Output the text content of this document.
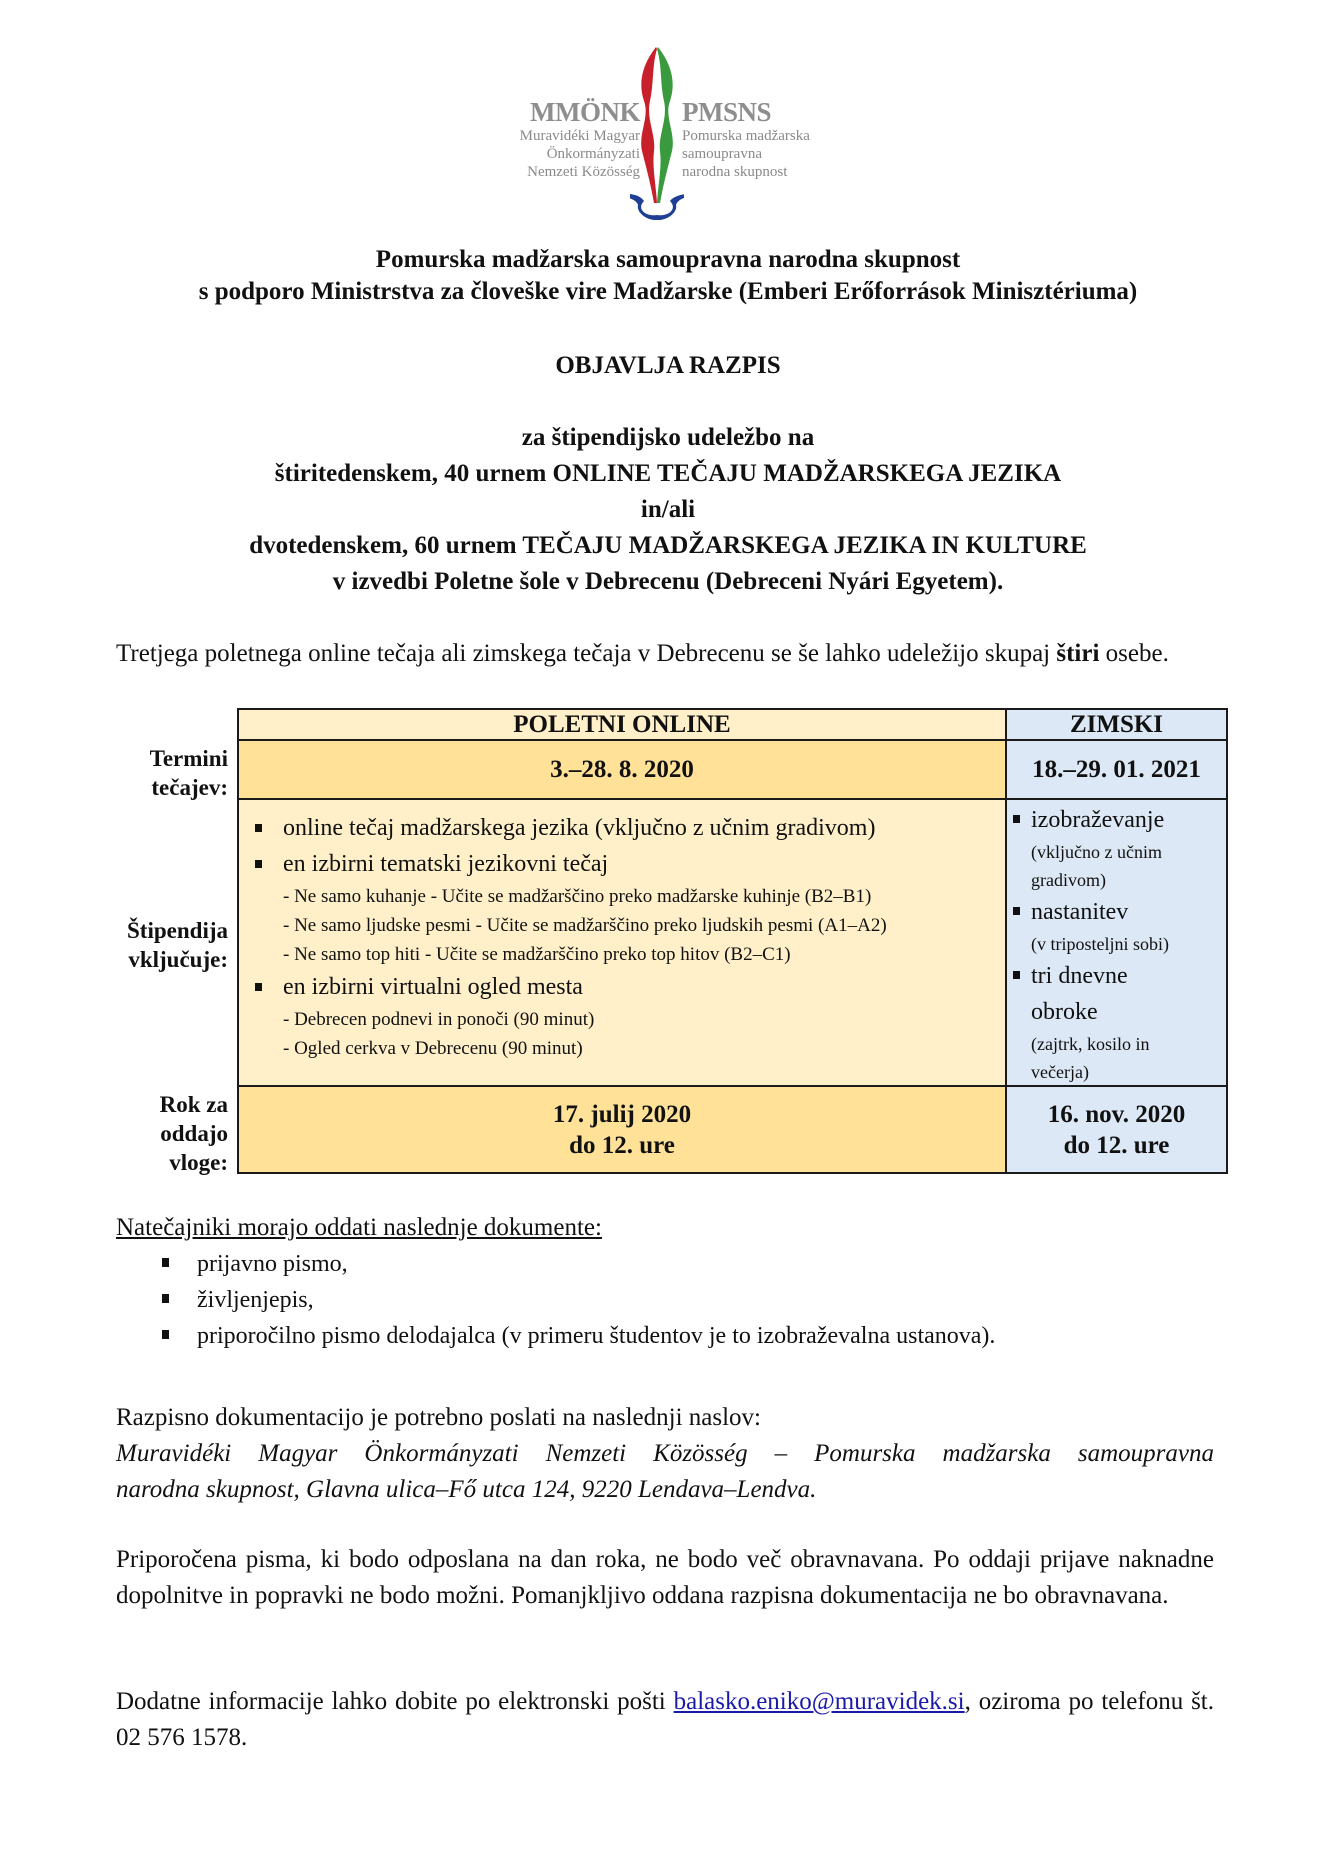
MMÖNK
Muravidéki Magyar
Önkormányzati
Nemzeti Közösség
PMSNS
Pomurska madžarska
samoupravna
narodna skupnost
Pomurska madžarska samoupravna narodna skupnost
s podporo Ministrstva za človeške vire Madžarske (Emberi Erőforrások Minisztériuma)
OBJAVLJA RAZPIS
za štipendijsko udeležbo na
štiritedenskem, 40 urnem ONLINE TEČAJU MADŽARSKEGA JEZIKA
in/ali
dvotedenskem, 60 urnem TEČAJU MADŽARSKEGA JEZIKA IN KULTURE
v izvedbi Poletne šole v Debrecenu (Debreceni Nyári Egyetem).
Tretjega poletnega online tečaja ali zimskega tečaja v Debrecenu se še lahko udeležijo skupaj štiri osebe.
Termini
tečajev:
Štipendija
vključuje:
Rok za
oddajo
vloge:
POLETNI ONLINE	ZIMSKI
3.–28. 8. 2020	18.–29. 01. 2021
online tečaj madžarskega jezika (vključno z učnim gradivom)
en izbirni tematski jezikovni tečaj
- Ne samo kuhanje - Učite se madžarščino preko madžarske kuhinje (B2–B1)
- Ne samo ljudske pesmi - Učite se madžarščino preko ljudskih pesmi (A1–A2)
- Ne samo top hiti - Učite se madžarščino preko top hitov (B2–C1)
en izbirni virtualni ogled mesta
- Debrecen podnevi in ponoči (90 minut)
- Ogled cerkva v Debrecenu (90 minut)
izobraževanje
(vključno z učnim
gradivom)
nastanitev
(v triposteljni sobi)
tri dnevne
obroke
(zajtrk, kosilo in
večerja)
17. julij 2020
do 12. ure
16. nov. 2020
do 12. ure
Natečajniki morajo oddati naslednje dokumente:
prijavno pismo,
življenjepis,
priporočilno pismo delodajalca (v primeru študentov je to izobraževalna ustanova).
Razpisno dokumentacijo je potrebno poslati na naslednji naslov:
Muravidéki Magyar Önkormányzati Nemzeti Közösség – Pomurska madžarska samoupravna
narodna skupnost, Glavna ulica–Fő utca 124, 9220 Lendava–Lendva.
Priporočena pisma, ki bodo odposlana na dan roka, ne bodo več obravnavana. Po oddaji prijave naknadne dopolnitve in popravki ne bodo možni. Pomanjkljivo oddana razpisna dokumentacija ne bo obravnavana.
Dodatne informacije lahko dobite po elektronski pošti balasko.eniko@muravidek.si, oziroma po telefonu št. 02 576 1578.
